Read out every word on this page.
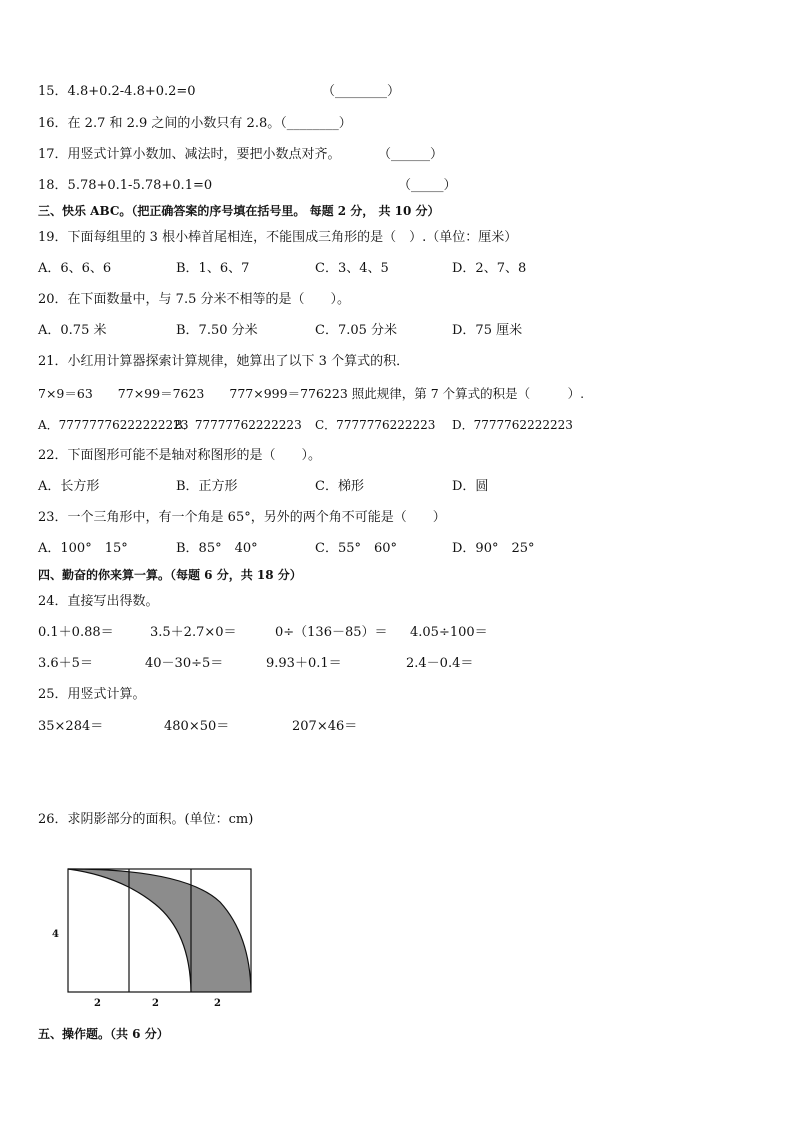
15．4.8+0.2-4.8+0.2=0	（________）
16．在 2.7 和 2.9 之间的小数只有 2.8。（________）
17．用竖式计算小数加、减法时，要把小数点对齐。	（______）
18．5.78+0.1-5.78+0.1=0	（_____）
三、快乐 ABC。（把正确答案的序号填在括号里。 每题 2 分， 共 10 分）
19．下面每组里的 3 根小棒首尾相连，不能围成三角形的是（　）.（单位：厘米）
A．6、6、6	B．1、6、7	C．3、4、5	D．2、7、8
20．在下面数量中，与 7.5 分米不相等的是（　　）。
A．0.75 米	B．7.50 分米	C．7.05 分米	D．75 厘米
21．小红用计算器探索计算规律，她算出了以下 3 个算式的积．
7×9＝63　　77×99＝7623　　777×999＝776223 照此规律，第 7 个算式的积是（　　　）.
A．77777776222222223
B．77777762222223 C．7777776222223 D．7777762222223
22．下面图形可能不是轴对称图形的是（　　）。
A．长方形	B．正方形	C．梯形	D．圆
23．一个三角形中，有一个角是 65°，另外的两个角不可能是（　　）
A．100°　15°	B．85°　40°	C．55°　60°	D．90°　25°
四、勤奋的你来算一算。（每题 6 分，共 18 分）
24．直接写出得数。
0.1＋0.88＝	3.5＋2.7×0＝	0÷（136－85）＝ 4.05÷100＝
3.6＋5＝	40－30÷5＝	9.93＋0.1＝	2.4－0.4＝
25．用竖式计算。
35×284＝	480×50＝	207×46＝
26．求阴影部分的面积。(单位：cm)
4
2	2	2
五、操作题。（共 6 分）
